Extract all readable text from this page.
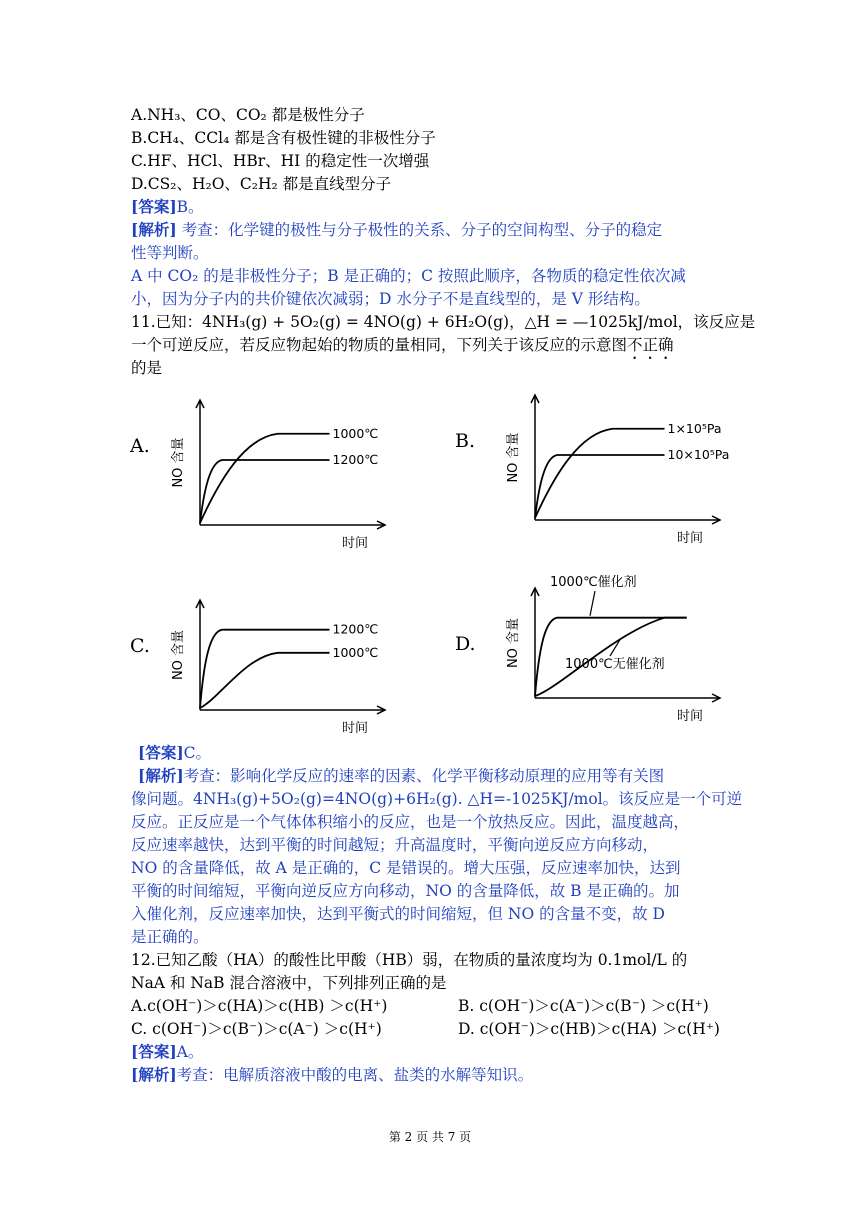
A.NH₃、CO、CO₂ 都是极性分子
B.CH₄、CCl₄ 都是含有极性键的非极性分子
C.HF、HCl、HBr、HI 的稳定性一次增强
D.CS₂、H₂O、C₂H₂ 都是直线型分子
[答案]B。
[解析] 考查：化学键的极性与分子极性的关系、分子的空间构型、分子的稳定
性等判断。
A 中 CO₂ 的是非极性分子；B 是正确的；C 按照此顺序，各物质的稳定性依次减
小，因为分子内的共价键依次减弱；D 水分子不是直线型的，是 V 形结构。
11.已知：4NH₃(g) + 5O₂(g) = 4NO(g) + 6H₂O(g)，△H = —1025kJ/mol，该反应是
一个可逆反应，若反应物起始的物质的量相同，下列关于该反应的示意图不正确
的是
A. NO 含量
时间
1000℃
1200℃
B. NO 含量
时间
1×10⁵Pa
10×10⁵Pa
C. NO 含量
时间
1200℃
1000℃	D. NO 含量
时间
1000℃催化剂
1000℃无催化剂
[答案]C。
[解析]考查：影响化学反应的速率的因素、化学平衡移动原理的应用等有关图
像问题。4NH₃(g)+5O₂(g)=4NO(g)+6H₂(g). △H=-1025KJ/mol。该反应是一个可逆
反应。正反应是一个气体体积缩小的反应，也是一个放热反应。因此，温度越高，
反应速率越快，达到平衡的时间越短；升高温度时，平衡向逆反应方向移动，
NO 的含量降低，故 A 是正确的，C 是错误的。增大压强，反应速率加快，达到
平衡的时间缩短，平衡向逆反应方向移动，NO 的含量降低，故 B 是正确的。加
入催化剂，反应速率加快，达到平衡式的时间缩短，但 NO 的含量不变，故 D
是正确的。
12.已知乙酸（HA）的酸性比甲酸（HB）弱，在物质的量浓度均为 0.1mol/L 的
NaA 和 NaB 混合溶液中，下列排列正确的是
A.c(OH⁻)＞c(HA)＞c(HB) ＞c(H⁺)	B. c(OH⁻)＞c(A⁻)＞c(B⁻) ＞c(H⁺)
C. c(OH⁻)＞c(B⁻)＞c(A⁻) ＞c(H⁺)	D. c(OH⁻)＞c(HB)＞c(HA) ＞c(H⁺)
[答案]A。
[解析]考查：电解质溶液中酸的电离、盐类的水解等知识。
第 2 页 共 7 页
